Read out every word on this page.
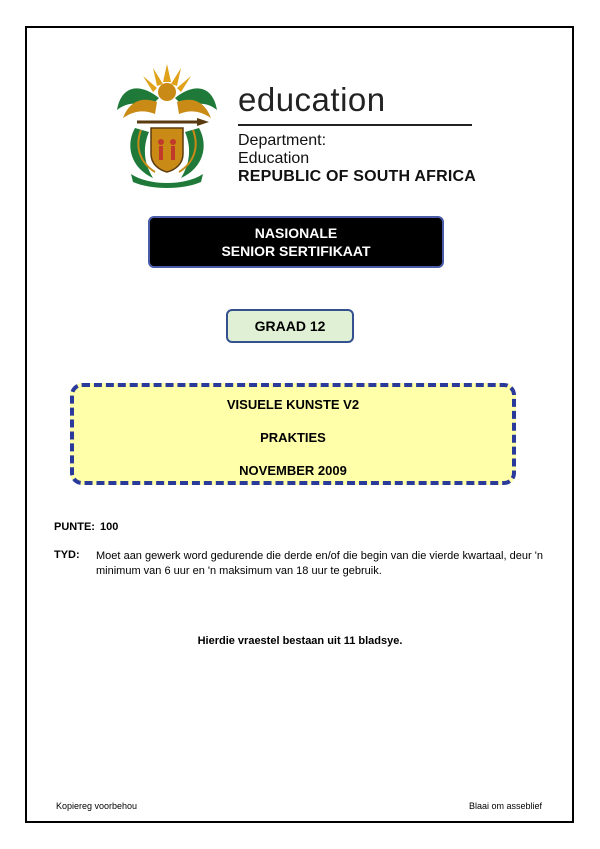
education
Department:
Education
REPUBLIC OF SOUTH AFRICA
NASIONALE
SENIOR SERTIFIKAAT
GRAAD 12
VISUELE KUNSTE V2
PRAKTIES
NOVEMBER 2009
PUNTE: 100
TYD: Moet aan gewerk word gedurende die derde en/of die begin van die vierde kwartaal, deur 'n minimum van 6 uur en 'n maksimum van 18 uur te gebruik.
Hierdie vraestel bestaan uit 11 bladsye.
Kopiereg voorbehou	Blaai om asseblief
